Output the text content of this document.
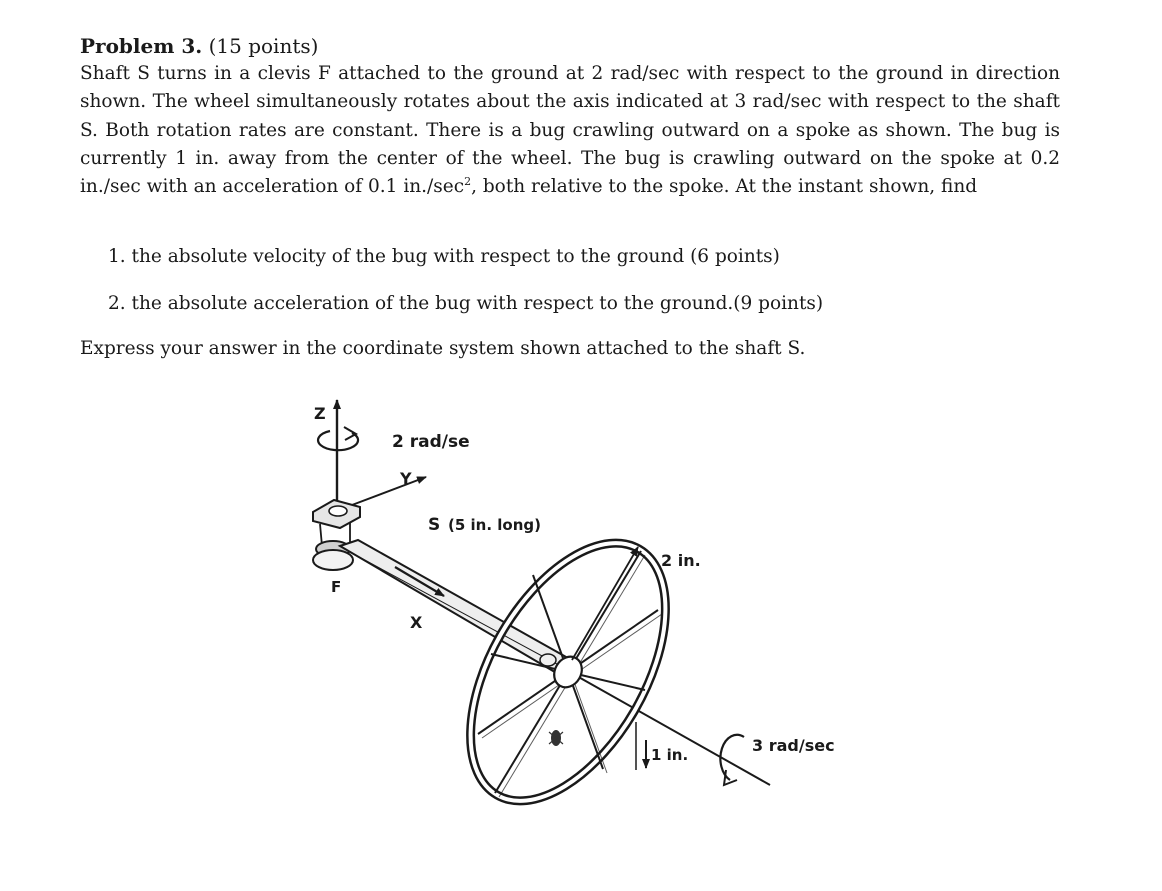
Problem 3. (15 points)

Shaft S turns in a clevis F attached to the ground at 2 rad/sec with respect to the ground in direction shown. The wheel simultaneously rotates about the axis indicated at 3 rad/sec with respect to the shaft S. Both rotation rates are constant. There is a bug crawling outward on a spoke as shown. The bug is currently 1 in. away from the center of the wheel. The bug is crawling outward on the spoke at 0.2 in./sec with an acceleration of 0.1 $in./\sec^2$, both relative to the spoke. At the instant shown, find

1. the absolute velocity of the bug with respect to the ground (6 points)
2. the absolute acceleration of the bug with respect to the ground.(9 points)
Express your answer in the coordinate system shown attached to the shaft S.
Z
2 rad/se
Y
F
S (5 in. long)
X
2 in.
1 in.	3 rad/sec
